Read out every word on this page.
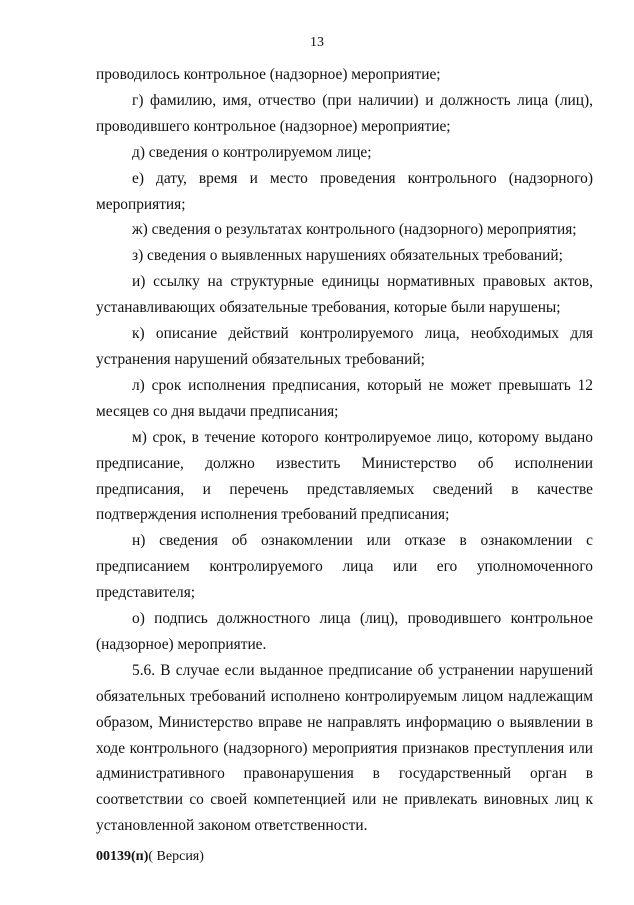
13

проводилось контрольное (надзорное) мероприятие;

г) фамилию, имя, отчество (при наличии) и должность лица (лиц), проводившего контрольное (надзорное) мероприятие;

д) сведения о контролируемом лице;

е) дату, время и место проведения контрольного (надзорного) мероприятия;

ж) сведения о результатах контрольного (надзорного) мероприятия;

з) сведения о выявленных нарушениях обязательных требований;

и) ссылку на структурные единицы нормативных правовых актов, устанавливающих обязательные требования, которые были нарушены;

к) описание действий контролируемого лица, необходимых для устранения нарушений обязательных требований;

л) срок исполнения предписания, который не может превышать 12 месяцев со дня выдачи предписания;

м) срок, в течение которого контролируемое лицо, которому выдано предписание, должно известить Министерство об исполнении предписания, и перечень представляемых сведений в качестве подтверждения исполнения требований предписания;

н) сведения об ознакомлении или отказе в ознакомлении с предписанием контролируемого лица или его уполномоченного представителя;

о) подпись должностного лица (лиц), проводившего контрольное (надзорное) мероприятие.

5.6. В случае если выданное предписание об устранении нарушений обязательных требований исполнено контролируемым лицом надлежащим образом, Министерство вправе не направлять информацию о выявлении в ходе контрольного (надзорного) мероприятия признаков преступления или административного правонарушения в государственный орган в соответствии со своей компетенцией или не привлекать виновных лиц к установленной законом ответственности.

00139(п)( Версия)
